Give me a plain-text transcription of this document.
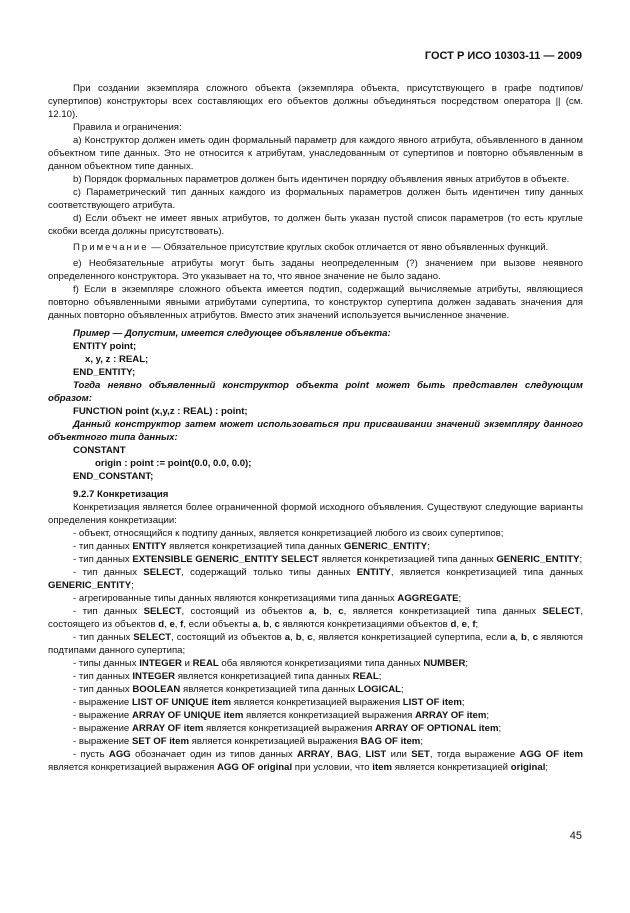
ГОСТ Р ИСО 10303-11 — 2009

При создании экземпляра сложного объекта (экземпляра объекта, присутствующего в графе подтипов/супертипов) конструкторы всех составляющих его объектов должны объединяться посредством оператора || (см. 12.10).

Правила и ограничения:

a) Конструктор должен иметь один формальный параметр для каждого явного атрибута, объявленного в данном объектном типе данных. Это не относится к атрибутам, унаследованным от супертипов и повторно объявленным в данном объектном типе данных.

b) Порядок формальных параметров должен быть идентичен порядку объявления явных атрибутов в объекте.

c) Параметрический тип данных каждого из формальных параметров должен быть идентичен типу данных соответствующего атрибута.

d) Если объект не имеет явных атрибутов, то должен быть указан пустой список параметров (то есть круглые скобки всегда должны присутствовать).

Примечание — Обязательное присутствие круглых скобок отличается от явно объявленных функций.

e) Необязательные атрибуты могут быть заданы неопределенным (?) значением при вызове неявного определенного конструктора. Это указывает на то, что явное значение не было задано.

f) Если в экземпляре сложного объекта имеется подтип, содержащий вычисляемые атрибуты, являющиеся повторно объявленными явными атрибутами супертипа, то конструктор супертипа должен задавать значения для данных повторно объявленных атрибутов. Вместо этих значений используется вычисленное значение.

Пример — Допустим, имеется следующее объявление объекта:

ENTITY point;
x, y, z : REAL;
END_ENTITY;

Тогда неявно объявленный конструктор объекта point может быть представлен следующим образом:

FUNCTION point (x,y,z : REAL) : point;

Данный конструктор затем может использоваться при присваивании значений экземпляру данного объектного типа данных:

CONSTANT
origin : point := point(0.0, 0.0, 0.0);
END_CONSTANT;
9.2.7 Конкретизация

Конкретизация является более ограниченной формой исходного объявления. Существуют следующие варианты определения конкретизации:

- объект, относящийся к подтипу данных, является конкретизацией любого из своих супертипов;

- тип данных ENTITY является конкретизацией типа данных GENERIC_ENTITY;

- тип данных EXTENSIBLE GENERIC_ENTITY SELECT является конкретизацией типа данных GENERIC_ENTITY;

- тип данных SELECT, содержащий только типы данных ENTITY, является конкретизацией типа данных GENERIC_ENTITY;

- агрегированные типы данных являются конкретизациями типа данных AGGREGATE;

- тип данных SELECT, состоящий из объектов a, b, c, является конкретизацией типа данных SELECT, состоящего из объектов d, e, f, если объекты a, b, c являются конкретизациями объектов d, e, f;

- тип данных SELECT, состоящий из объектов a, b, c, является конкретизацией супертипа, если a, b, c являются подтипами данного супертипа;

- типы данных INTEGER и REAL оба являются конкретизациями типа данных NUMBER;

- тип данных INTEGER является конкретизацией типа данных REAL;

- тип данных BOOLEAN является конкретизацией типа данных LOGICAL;

- выражение LIST OF UNIQUE item является конкретизацией выражения LIST OF item;

- выражение ARRAY OF UNIQUE item является конкретизацией выражения ARRAY OF item;

- выражение ARRAY OF item является конкретизацией выражения ARRAY OF OPTIONAL item;

- выражение SET OF item является конкретизацией выражения BAG OF item;

- пусть AGG обозначает один из типов данных ARRAY, BAG, LIST или SET, тогда выражение AGG OF item является конкретизацией выражения AGG OF original при условии, что item является конкретизацией original;

45
